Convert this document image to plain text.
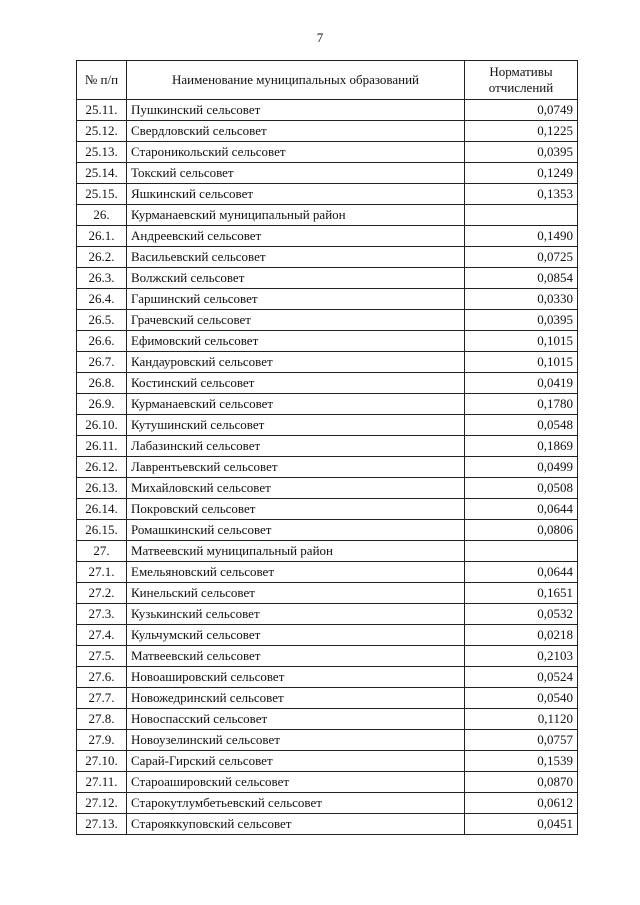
7
№ п/п	Наименование муниципальных образований	Нормативы отчислений
25.11.	Пушкинский сельсовет	0,0749
25.12.	Свердловский сельсовет	0,1225
25.13.	Староникольский сельсовет	0,0395
25.14.	Токский сельсовет	0,1249
25.15.	Яшкинский сельсовет	0,1353
26.	Курманаевский муниципальный район	
26.1.	Андреевский сельсовет	0,1490
26.2.	Васильевский сельсовет	0,0725
26.3.	Волжский сельсовет	0,0854
26.4.	Гаршинский сельсовет	0,0330
26.5.	Грачевский сельсовет	0,0395
26.6.	Ефимовский сельсовет	0,1015
26.7.	Кандауровский сельсовет	0,1015
26.8.	Костинский сельсовет	0,0419
26.9.	Курманаевский сельсовет	0,1780
26.10.	Кутушинский сельсовет	0,0548
26.11.	Лабазинский сельсовет	0,1869
26.12.	Лаврентьевский сельсовет	0,0499
26.13.	Михайловский сельсовет	0,0508
26.14.	Покровский сельсовет	0,0644
26.15.	Ромашкинский сельсовет	0,0806
27.	Матвеевский муниципальный район	
27.1.	Емельяновский сельсовет	0,0644
27.2.	Кинельский сельсовет	0,1651
27.3.	Кузькинский сельсовет	0,0532
27.4.	Кульчумский сельсовет	0,0218
27.5.	Матвеевский сельсовет	0,2103
27.6.	Новоашировский сельсовет	0,0524
27.7.	Новожедринский сельсовет	0,0540
27.8.	Новоспасский сельсовет	0,1120
27.9.	Новоузелинский сельсовет	0,0757
27.10.	Сарай-Гирский сельсовет	0,1539
27.11.	Староашировский сельсовет	0,0870
27.12.	Старокутлумбетьевский сельсовет	0,0612
27.13.	Старояккуповский сельсовет	0,0451
